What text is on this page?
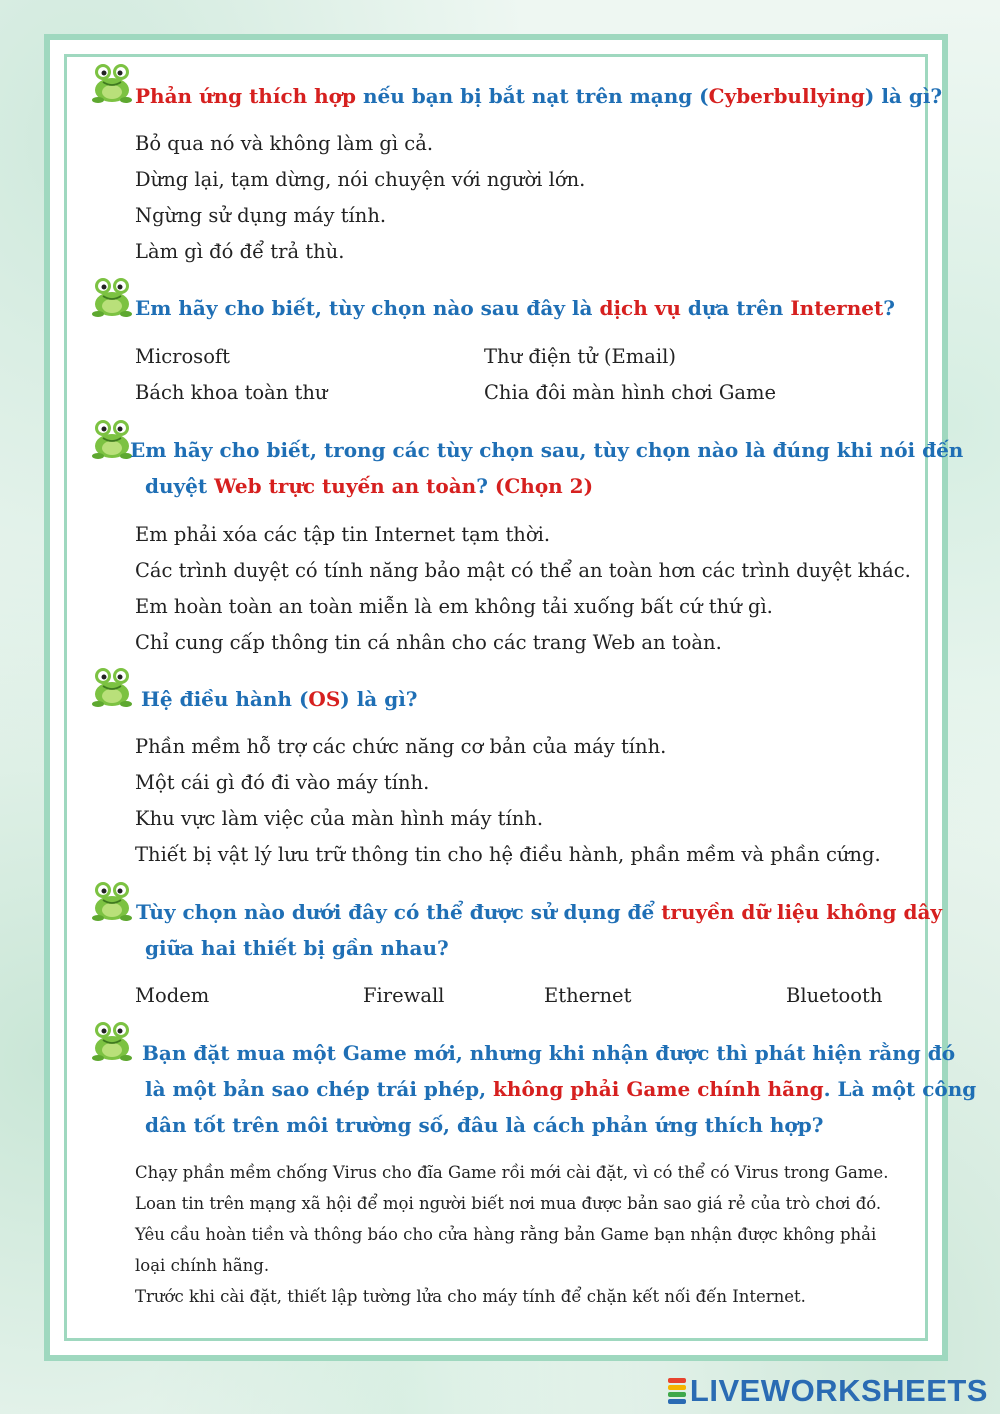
Phản ứng thích hợp nếu bạn bị bắt nạt trên mạng (Cyberbullying) là gì?
Bỏ qua nó và không làm gì cả.
Dừng lại, tạm dừng, nói chuyện với người lớn.
Ngừng sử dụng máy tính.
Làm gì đó để trả thù.
Em hãy cho biết, tùy chọn nào sau đây là dịch vụ dựa trên Internet?
Microsoft	Thư điện tử (Email)
Bách khoa toàn thư	Chia đôi màn hình chơi Game
Em hãy cho biết, trong các tùy chọn sau, tùy chọn nào là đúng khi nói đến
duyệt Web trực tuyến an toàn? (Chọn 2)
Em phải xóa các tập tin Internet tạm thời.
Các trình duyệt có tính năng bảo mật có thể an toàn hơn các trình duyệt khác.
Em hoàn toàn an toàn miễn là em không tải xuống bất cứ thứ gì.
Chỉ cung cấp thông tin cá nhân cho các trang Web an toàn.
Hệ điều hành (OS) là gì?
Phần mềm hỗ trợ các chức năng cơ bản của máy tính.
Một cái gì đó đi vào máy tính.
Khu vực làm việc của màn hình máy tính.
Thiết bị vật lý lưu trữ thông tin cho hệ điều hành, phần mềm và phần cứng.
Tùy chọn nào dưới đây có thể được sử dụng để truyền dữ liệu không dây
giữa hai thiết bị gần nhau?
Modem	Firewall	Ethernet	Bluetooth
Bạn đặt mua một Game mới, nhưng khi nhận được thì phát hiện rằng đó
là một bản sao chép trái phép, không phải Game chính hãng. Là một công
dân tốt trên môi trường số, đâu là cách phản ứng thích hợp?
Chạy phần mềm chống Virus cho đĩa Game rồi mới cài đặt, vì có thể có Virus trong Game.
Loan tin trên mạng xã hội để mọi người biết nơi mua được bản sao giá rẻ của trò chơi đó.
Yêu cầu hoàn tiền và thông báo cho cửa hàng rằng bản Game bạn nhận được không phải
loại chính hãng.
Trước khi cài đặt, thiết lập tường lửa cho máy tính để chặn kết nối đến Internet.
LIVEWORKSHEETS
